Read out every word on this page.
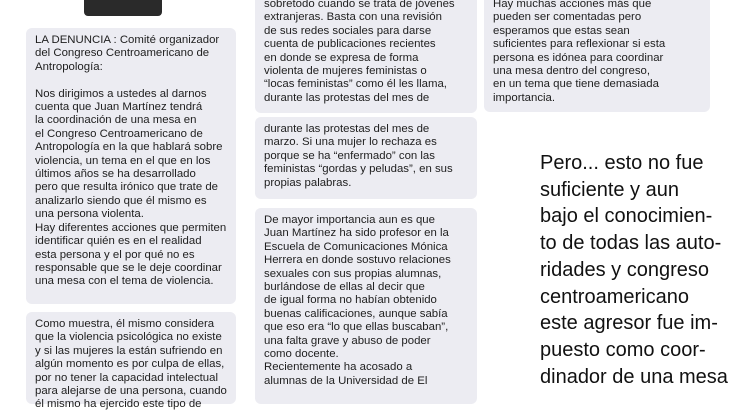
LA DENUNCIA : Comité organizador
del Congreso Centroamericano de
Antropología:

Nos dirigimos a ustedes al darnos
cuenta que Juan Martínez tendrá
la coordinación de una mesa en
el Congreso Centroamericano de
Antropología en la que hablará sobre
violencia, un tema en el que en los
últimos años se ha desarrollado
pero que resulta irónico que trate de
analizarlo siendo que él mismo es
una persona violenta.
Hay diferentes acciones que permiten
identificar quién es en el realidad
esta persona y el por qué no es
responsable que se le deje coordinar
una mesa con el tema de violencia.

Como muestra, él mismo considera
que la violencia psicológica no existe
y si las mujeres la están sufriendo en
algún momento es por culpa de ellas,
por no tener la capacidad intelectual
para alejarse de una persona, cuando
él mismo ha ejercido este tipo de

sobretodo cuando se trata de jóvenes
extranjeras. Basta con una revisión
de sus redes sociales para darse
cuenta de publicaciones recientes
en donde se expresa de forma
violenta de mujeres feministas o
“locas feministas” como él les llama,
durante las protestas del mes de

durante las protestas del mes de
marzo. Si una mujer lo rechaza es
porque se ha “enfermado” con las
feministas “gordas y peludas”, en sus
propias palabras.

De mayor importancia aun es que
Juan Martínez ha sido profesor en la
Escuela de Comunicaciones Mónica
Herrera en donde sostuvo relaciones
sexuales con sus propias alumnas,
burlándose de ellas al decir que
de igual forma no habían obtenido
buenas calificaciones, aunque sabía
que eso era “lo que ellas buscaban”,
una falta grave y abuso de poder
como docente.
Recientemente ha acosado a
alumnas de la Universidad de El

Hay muchas acciones más que
pueden ser comentadas pero
esperamos que estas sean
suficientes para reflexionar si esta
persona es idónea para coordinar
una mesa dentro del congreso,
en un tema que tiene demasiada
importancia.

Pero... esto no fue
suficiente y aun
bajo el conocimien-
to de todas las auto-
ridades y congreso
centroamericano
este agresor fue im-
puesto como coor-
dinador de una mesa
